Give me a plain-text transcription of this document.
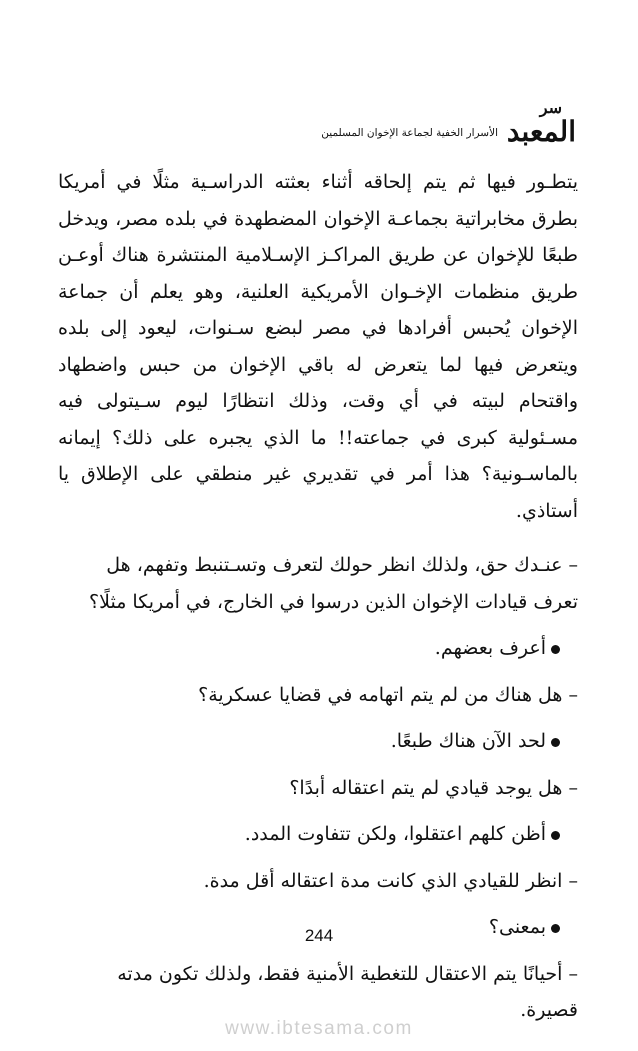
سر
المعبد
الأسرار الخفية لجماعة الإخوان المسلمين

يتطـور فيها ثم يتم إلحاقه أثناء بعثته الدراسـية مثلًا في أمريكا بطرق مخابراتية بجماعـة الإخوان المضطهدة في بلده مصر، ويدخل طبعًا للإخوان عن طريق المراكـز الإسـلامية المنتشرة هناك أوعـن طريق منظمات الإخـوان الأمريكية العلنية، وهو يعلم أن جماعة الإخوان يُحبس أفرادها في مصر لبضع سـنوات، ليعود إلى بلده ويتعرض فيها لما يتعرض له باقي الإخوان من حبس واضطهاد واقتحام لبيته في أي وقت، وذلك انتظارًا ليوم سـيتولى فيه مسـئولية كبرى في جماعته!! ما الذي يجبره على ذلك؟ إيمانه بالماسـونية؟ هذا أمر في تقديري غير منطقي على الإطلاق يا أستاذي.

– عنـدك حق، ولذلك انظر حولك لتعرف وتسـتنبط وتفهم، هل تعرف قيادات الإخوان الذين درسوا في الخارج، في أمريكا مثلًا؟

أعرف بعضهم.

– هل هناك من لم يتم اتهامه في قضايا عسكرية؟

لحد الآن هناك طبعًا.

– هل يوجد قيادي لم يتم اعتقاله أبدًا؟

أظن كلهم اعتقلوا، ولكن تتفاوت المدد.

– انظر للقيادي الذي كانت مدة اعتقاله أقل مدة.

بمعنى؟

– أحيانًا يتم الاعتقال للتغطية الأمنية فقط، ولذلك تكون مدته قصيرة.

244
www.ibtesama.com
